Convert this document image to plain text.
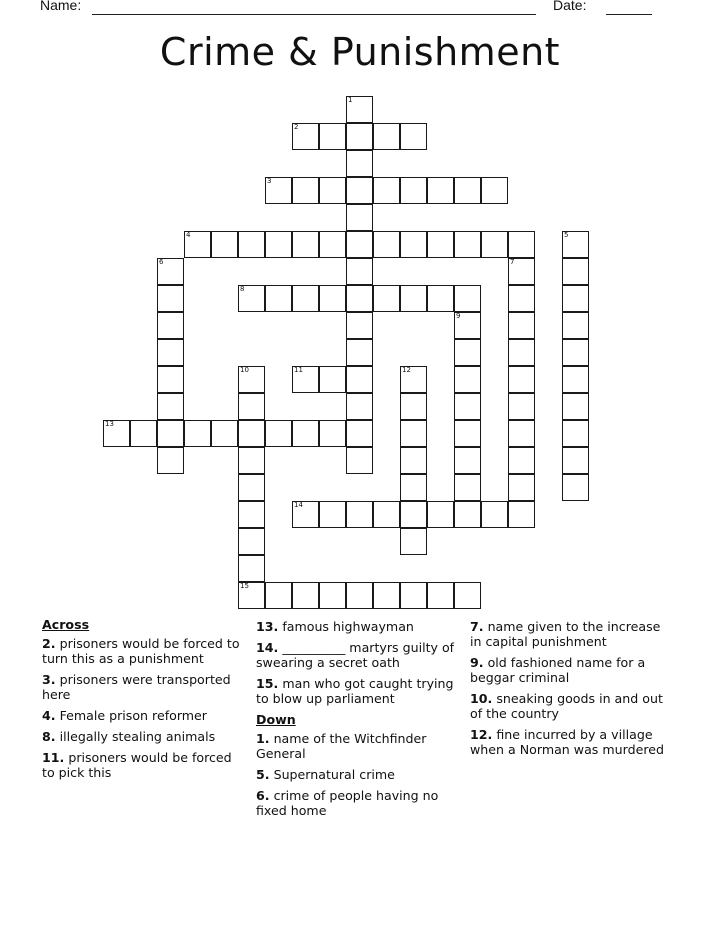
Name:	Date:
Crime & Punishment
1
2
3
4	5
6	7
8
9
10
15
11	12
13
14
Across
2. prisoners would be forced to turn this as a punishment
3. prisoners were transported here
4. Female prison reformer
8. illegally stealing animals
11. prisoners would be forced to pick this
13. famous highwayman
14. __________ martyrs guilty of swearing a secret oath
15. man who got caught trying to blow up parliament
Down
1. name of the Witchfinder General
5. Supernatural crime
6. crime of people having no fixed home
7. name given to the increase in capital punishment
9. old fashioned name for a beggar criminal
10. sneaking goods in and out of the country
12. fine incurred by a village when a Norman was murdered
